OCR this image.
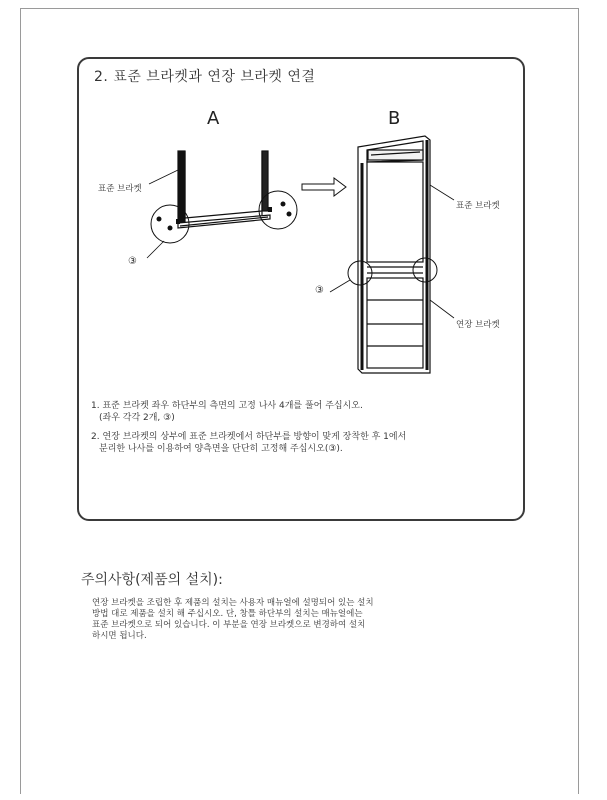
2. 표준 브라켓과 연장 브라켓 연결
A	B
표준 브라켓
표준 브라켓
연장 브라켓
③
③
1. 표준 브라켓 좌우 하단부의 측면의 고정 나사 4개를 풀어 주십시오.
(좌우 각각 2개, ③)
2. 연장 브라켓의 상부에 표준 브라켓에서 하단부를 방향이 맞게 장착한 후 1에서
분리한 나사를 이용하여 양측면을 단단히 고정해 주십시오(③).
주의사항(제품의 설치):
연장 브라켓을 조립한 후 제품의 설치는 사용자 매뉴얼에 설명되어 있는 설치
방법 대로 제품을 설치 해 주십시오. 단, 창틀 하단부의 설치는 매뉴얼에는
표준 브라켓으로 되어 있습니다. 이 부분을 연장 브라켓으로 변경하여 설치
하시면 됩니다.
